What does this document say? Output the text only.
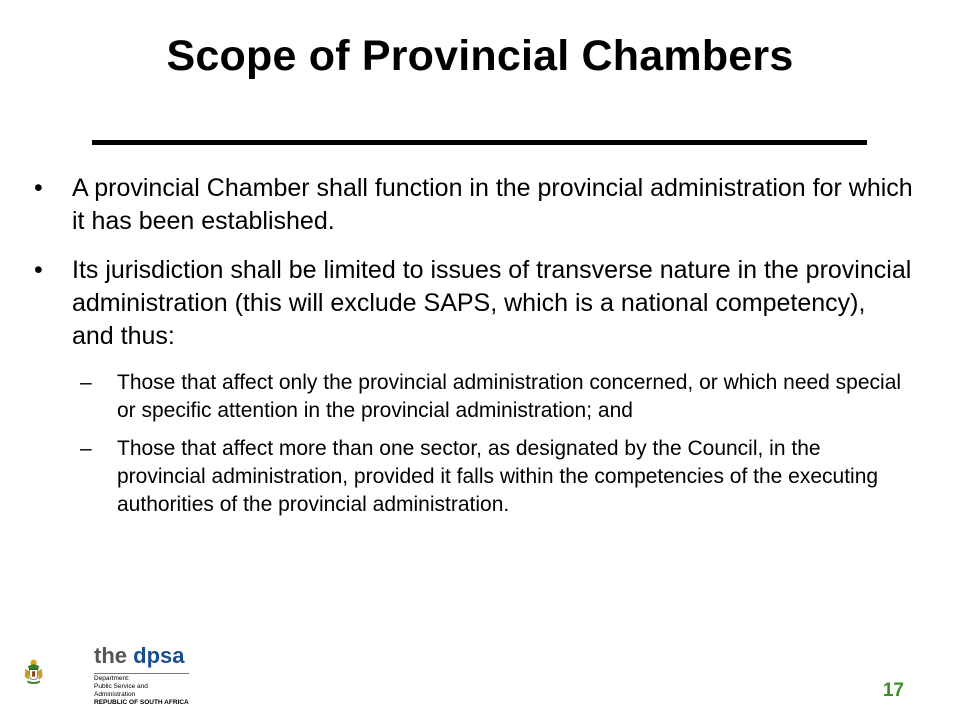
Scope of Provincial Chambers
• A provincial Chamber shall function in the provincial administration for which it has been established.
• Its jurisdiction shall be limited to issues of transverse nature in the provincial administration (this will exclude SAPS, which is a national competency), and thus:
– Those that affect only the provincial administration concerned, or which need special or specific attention in the provincial administration; and
– Those that affect more than one sector, as designated by the Council, in the provincial administration, provided it falls within the competencies of the executing authorities of the provincial administration.
the dpsa
Department:
Public Service and Administration
REPUBLIC OF SOUTH AFRICA
17
